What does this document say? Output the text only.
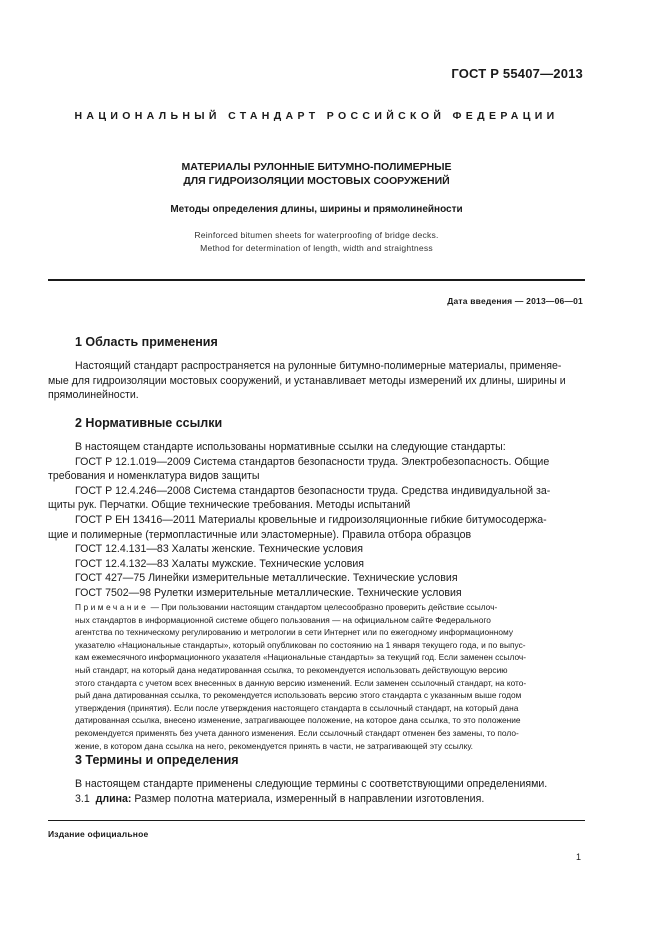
ГОСТ Р 55407—2013
НАЦИОНАЛЬНЫЙ СТАНДАРТ РОССИЙСКОЙ ФЕДЕРАЦИИ
МАТЕРИАЛЫ РУЛОННЫЕ БИТУМНО-ПОЛИМЕРНЫЕ
ДЛЯ ГИДРОИЗОЛЯЦИИ МОСТОВЫХ СООРУЖЕНИЙ
Методы определения длины, ширины и прямолинейности
Reinforced bitumen sheets for waterproofing of bridge decks.
Method for determination of length, width and straightness
Дата введения — 2013—06—01
1 Область применения

Настоящий стандарт распространяется на рулонные битумно-полимерные материалы, применяе-

мые для гидроизоляции мостовых сооружений, и устанавливает методы измерений их длины, ширины и

прямолинейности.

2 Нормативные ссылки

В настоящем стандарте использованы нормативные ссылки на следующие стандарты:

ГОСТ Р 12.1.019—2009 Система стандартов безопасности труда. Электробезопасность. Общие

требования и номенклатура видов защиты

ГОСТ Р 12.4.246—2008 Система стандартов безопасности труда. Средства индивидуальной за-

щиты рук. Перчатки. Общие технические требования. Методы испытаний

ГОСТ Р ЕН 13416—2011 Материалы кровельные и гидроизоляционные гибкие битумосодержа-

щие и полимерные (термопластичные или эластомерные). Правила отбора образцов

ГОСТ 12.4.131—83 Халаты женские. Технические условия

ГОСТ 12.4.132—83 Халаты мужские. Технические условия

ГОСТ 427—75 Линейки измерительные металлические. Технические условия

ГОСТ 7502—98 Рулетки измерительные металлические. Технические условия

Примечание — При пользовании настоящим стандартом целесообразно проверить действие ссылоч-

ных стандартов в информационной системе общего пользования — на официальном сайте Федерального

агентства по техническому регулированию и метрологии в сети Интернет или по ежегодному информационному

указателю «Национальные стандарты», который опубликован по состоянию на 1 января текущего года, и по выпус-

кам ежемесячного информационного указателя «Национальные стандарты» за текущий год. Если заменен ссылоч-

ный стандарт, на который дана недатированная ссылка, то рекомендуется использовать действующую версию

этого стандарта с учетом всех внесенных в данную версию изменений. Если заменен ссылочный стандарт, на кото-

рый дана датированная ссылка, то рекомендуется использовать версию этого стандарта с указанным выше годом

утверждения (принятия). Если после утверждения настоящего стандарта в ссылочный стандарт, на который дана

датированная ссылка, внесено изменение, затрагивающее положение, на которое дана ссылка, то это положение

рекомендуется применять без учета данного изменения. Если ссылочный стандарт отменен без замены, то поло-

жение, в котором дана ссылка на него, рекомендуется принять в части, не затрагивающей эту ссылку.

3 Термины и определения

В настоящем стандарте применены следующие термины с соответствующими определениями.

3.1 длина: Размер полотна материала, измеренный в направлении изготовления.

Издание официальное
1
